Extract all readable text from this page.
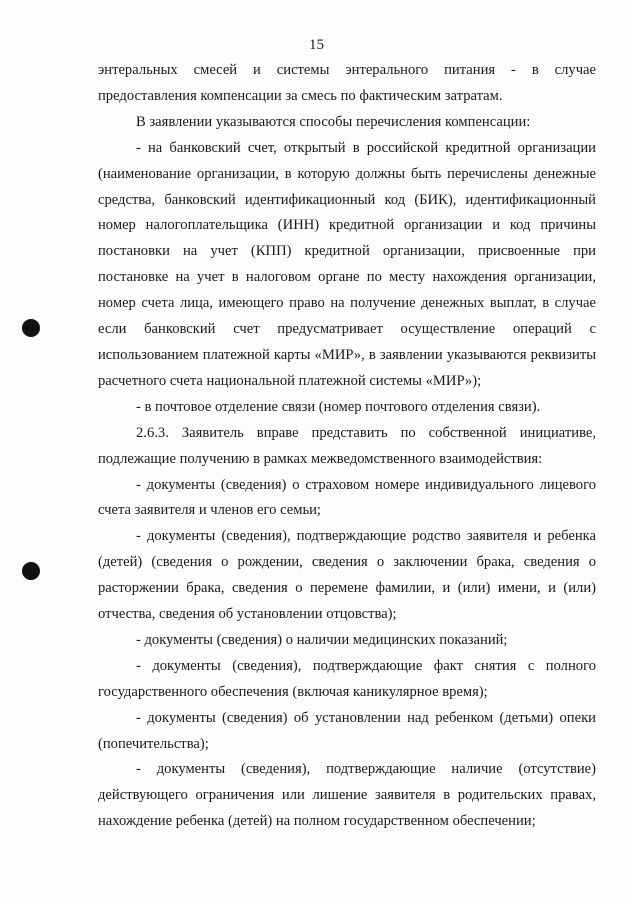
15

энтеральных смесей и системы энтерального питания - в случае предоставления компенсации за смесь по фактическим затратам.

В заявлении указываются способы перечисления компенсации:

- на банковский счет, открытый в российской кредитной организации (наименование организации, в которую должны быть перечислены денежные средства, банковский идентификационный код (БИК), идентификационный номер налогоплательщика (ИНН) кредитной организации и код причины постановки на учет (КПП) кредитной организации, присвоенные при постановке на учет в налоговом органе по месту нахождения организации, номер счета лица, имеющего право на получение денежных выплат, в случае если банковский счет предусматривает осуществление операций с использованием платежной карты «МИР», в заявлении указываются реквизиты расчетного счета национальной платежной системы «МИР»);

- в почтовое отделение связи (номер почтового отделения связи).

2.6.3. Заявитель вправе представить по собственной инициативе, подлежащие получению в рамках межведомственного взаимодействия:

- документы (сведения) о страховом номере индивидуального лицевого счета заявителя и членов его семьи;

- документы (сведения), подтверждающие родство заявителя и ребенка (детей) (сведения о рождении, сведения о заключении брака, сведения о расторжении брака, сведения о перемене фамилии, и (или) имени, и (или) отчества, сведения об установлении отцовства);

- документы (сведения) о наличии медицинских показаний;

- документы (сведения), подтверждающие факт снятия с полного государственного обеспечения (включая каникулярное время);

- документы (сведения) об установлении над ребенком (детьми) опеки (попечительства);

- документы (сведения), подтверждающие наличие (отсутствие) действующего ограничения или лишение заявителя в родительских правах, нахождение ребенка (детей) на полном государственном обеспечении;
